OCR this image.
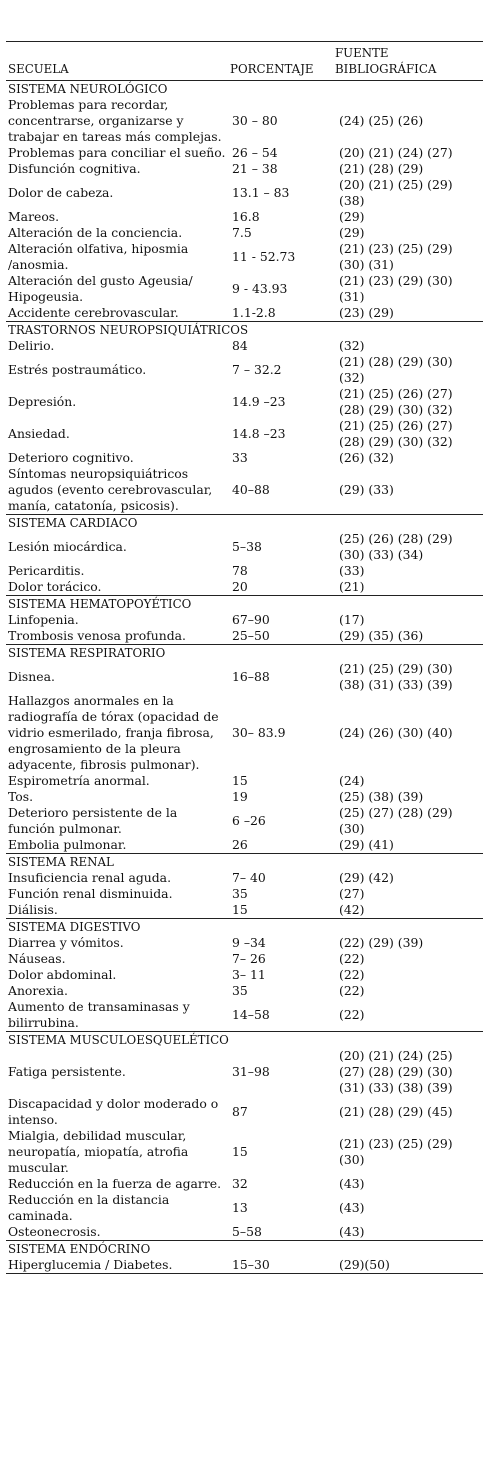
SECUELA	PORCENTAJE	FUENTE BIBLIOGRÁFICA
SISTEMA NEUROLÓGICO		
Problemas para recordar, concentrarse, organizarse y trabajar en tareas más complejas.	30 – 80	(24) (25) (26)
Problemas para conciliar el sueño.	26 – 54	(20) (21) (24) (27)
Disfunción cognitiva.	21 – 38	(21) (28) (29)
Dolor de cabeza.	13.1 – 83	(20) (21) (25) (29) (38)
Mareos.	16.8	(29)
Alteración de la conciencia.	7.5	(29)
Alteración olfativa, hiposmia /anosmia.	11 - 52.73	(21) (23) (25) (29) (30) (31)
Alteración del gusto Ageusia/ Hipogeusia.	9 - 43.93	(21) (23) (29) (30) (31)
Accidente cerebrovascular.	1.1-2.8	(23) (29)
TRASTORNOS NEUROPSIQUIÁTRICOS		
Delirio.	84	(32)
Estrés postraumático.	7 – 32.2	(21) (28) (29) (30) (32)
Depresión.	14.9 –23	(21) (25) (26) (27) (28) (29) (30) (32)
Ansiedad.	14.8 –23	(21) (25) (26) (27) (28) (29) (30) (32)
Deterioro cognitivo.	33	(26) (32)
Síntomas neuropsiquiátricos agudos (evento cerebrovascular, manía, catatonía, psicosis).	40–88	(29) (33)
SISTEMA CARDIACO		
Lesión miocárdica.	5–38	(25) (26) (28) (29) (30) (33) (34)
Pericarditis.	78	(33)
Dolor torácico.	20	(21)
SISTEMA HEMATOPOYÉTICO		
Linfopenia.	67–90	(17)
Trombosis venosa profunda.	25–50	(29) (35) (36)
SISTEMA RESPIRATORIO		
Disnea.	16–88	(21) (25) (29) (30) (38) (31) (33) (39)
Hallazgos anormales en la radiografía de tórax (opacidad de vidrio esmerilado, franja fibrosa, engrosamiento de la pleura adyacente, fibrosis pulmonar).	30– 83.9	(24) (26) (30) (40)
Espirometría anormal.	15	(24)
Tos.	19	(25) (38) (39)
Deterioro persistente de la función pulmonar.	6 –26	(25) (27) (28) (29) (30)
Embolia pulmonar.	26	(29) (41)
SISTEMA RENAL		
Insuficiencia renal aguda.	7– 40	(29) (42)
Función renal disminuida.	35	(27)
Diálisis.	15	(42)
SISTEMA DIGESTIVO		
Diarrea y vómitos.	9 –34	(22) (29) (39)
Náuseas.	7– 26	(22)
Dolor abdominal.	3– 11	(22)
Anorexia.	35	(22)
Aumento de transaminasas y bilirrubina.	14–58	(22)
SISTEMA MUSCULOESQUELÉTICO		
Fatiga persistente.	31–98	(20) (21) (24) (25) (27) (28) (29) (30) (31) (33) (38) (39)
Discapacidad y dolor moderado o intenso.	87	(21) (28) (29) (45)
Mialgia, debilidad muscular, neuropatía, miopatía, atrofia muscular.	15	(21) (23) (25) (29) (30)
Reducción en la fuerza de agarre.	32	(43)
Reducción en la distancia caminada.	13	(43)
Osteonecrosis.	5–58	(43)
SISTEMA ENDÓCRINO		
Hiperglucemia / Diabetes.	15–30	(29)(50)
